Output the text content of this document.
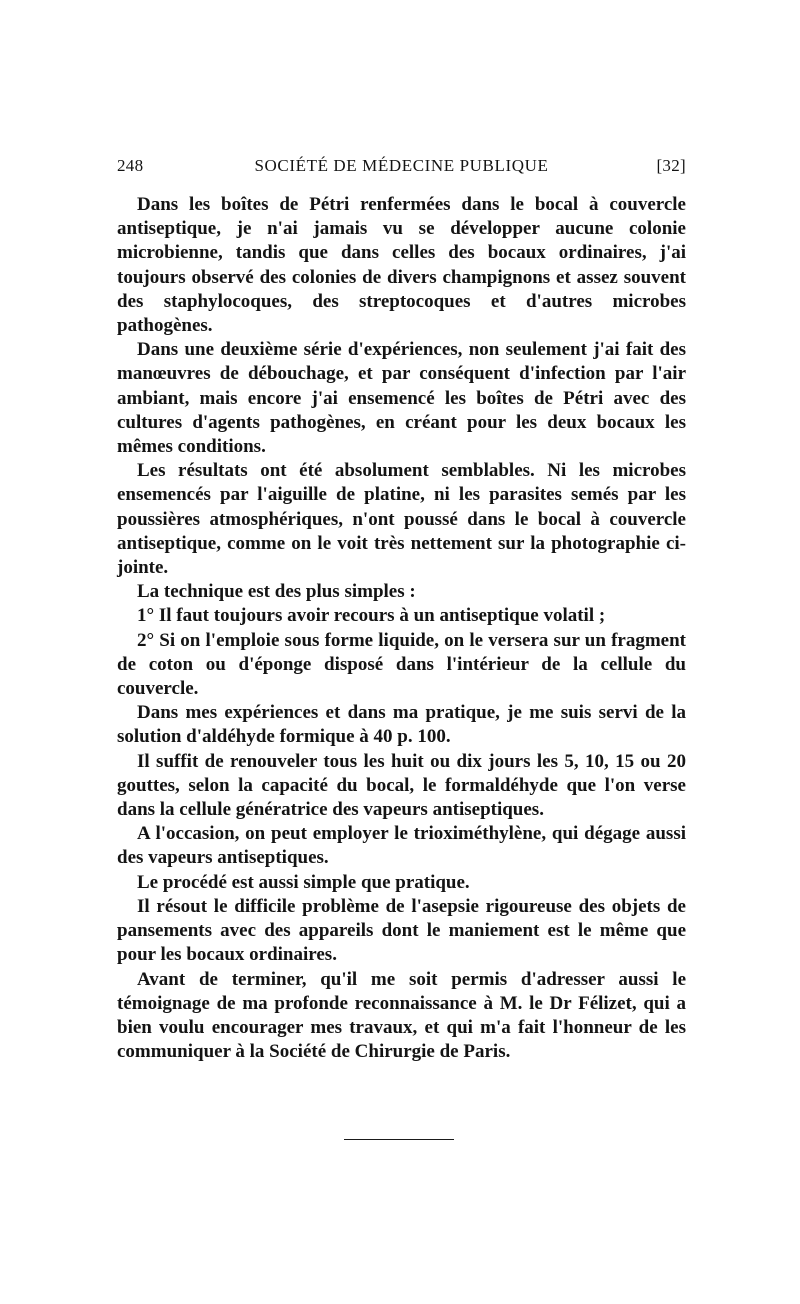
248	SOCIÉTÉ DE MÉDECINE PUBLIQUE	[32]

Dans les boîtes de Pétri renfermées dans le bocal à couvercle antiseptique, je n'ai jamais vu se développer aucune colonie microbienne, tandis que dans celles des bocaux ordinaires, j'ai toujours observé des colonies de divers champignons et assez souvent des staphylocoques, des streptocoques et d'autres microbes pathogènes.

Dans une deuxième série d'expériences, non seulement j'ai fait des manœuvres de débouchage, et par conséquent d'infection par l'air ambiant, mais encore j'ai ensemencé les boîtes de Pétri avec des cultures d'agents pathogènes, en créant pour les deux bocaux les mêmes conditions.

Les résultats ont été absolument semblables. Ni les microbes ensemencés par l'aiguille de platine, ni les parasites semés par les poussières atmosphériques, n'ont poussé dans le bocal à couvercle antiseptique, comme on le voit très nettement sur la photographie ci-jointe.

La technique est des plus simples :

1° Il faut toujours avoir recours à un antiseptique volatil ;

2° Si on l'emploie sous forme liquide, on le versera sur un fragment de coton ou d'éponge disposé dans l'intérieur de la cellule du couvercle.

Dans mes expériences et dans ma pratique, je me suis servi de la solution d'aldéhyde formique à 40 p. 100.

Il suffit de renouveler tous les huit ou dix jours les 5, 10, 15 ou 20 gouttes, selon la capacité du bocal, le formaldéhyde que l'on verse dans la cellule génératrice des vapeurs antiseptiques.

A l'occasion, on peut employer le trioximéthylène, qui dégage aussi des vapeurs antiseptiques.

Le procédé est aussi simple que pratique.

Il résout le difficile problème de l'asepsie rigoureuse des objets de pansements avec des appareils dont le maniement est le même que pour les bocaux ordinaires.

Avant de terminer, qu'il me soit permis d'adresser aussi le témoignage de ma profonde reconnaissance à M. le Dr Félizet, qui a bien voulu encourager mes travaux, et qui m'a fait l'honneur de les communiquer à la Société de Chirurgie de Paris.
